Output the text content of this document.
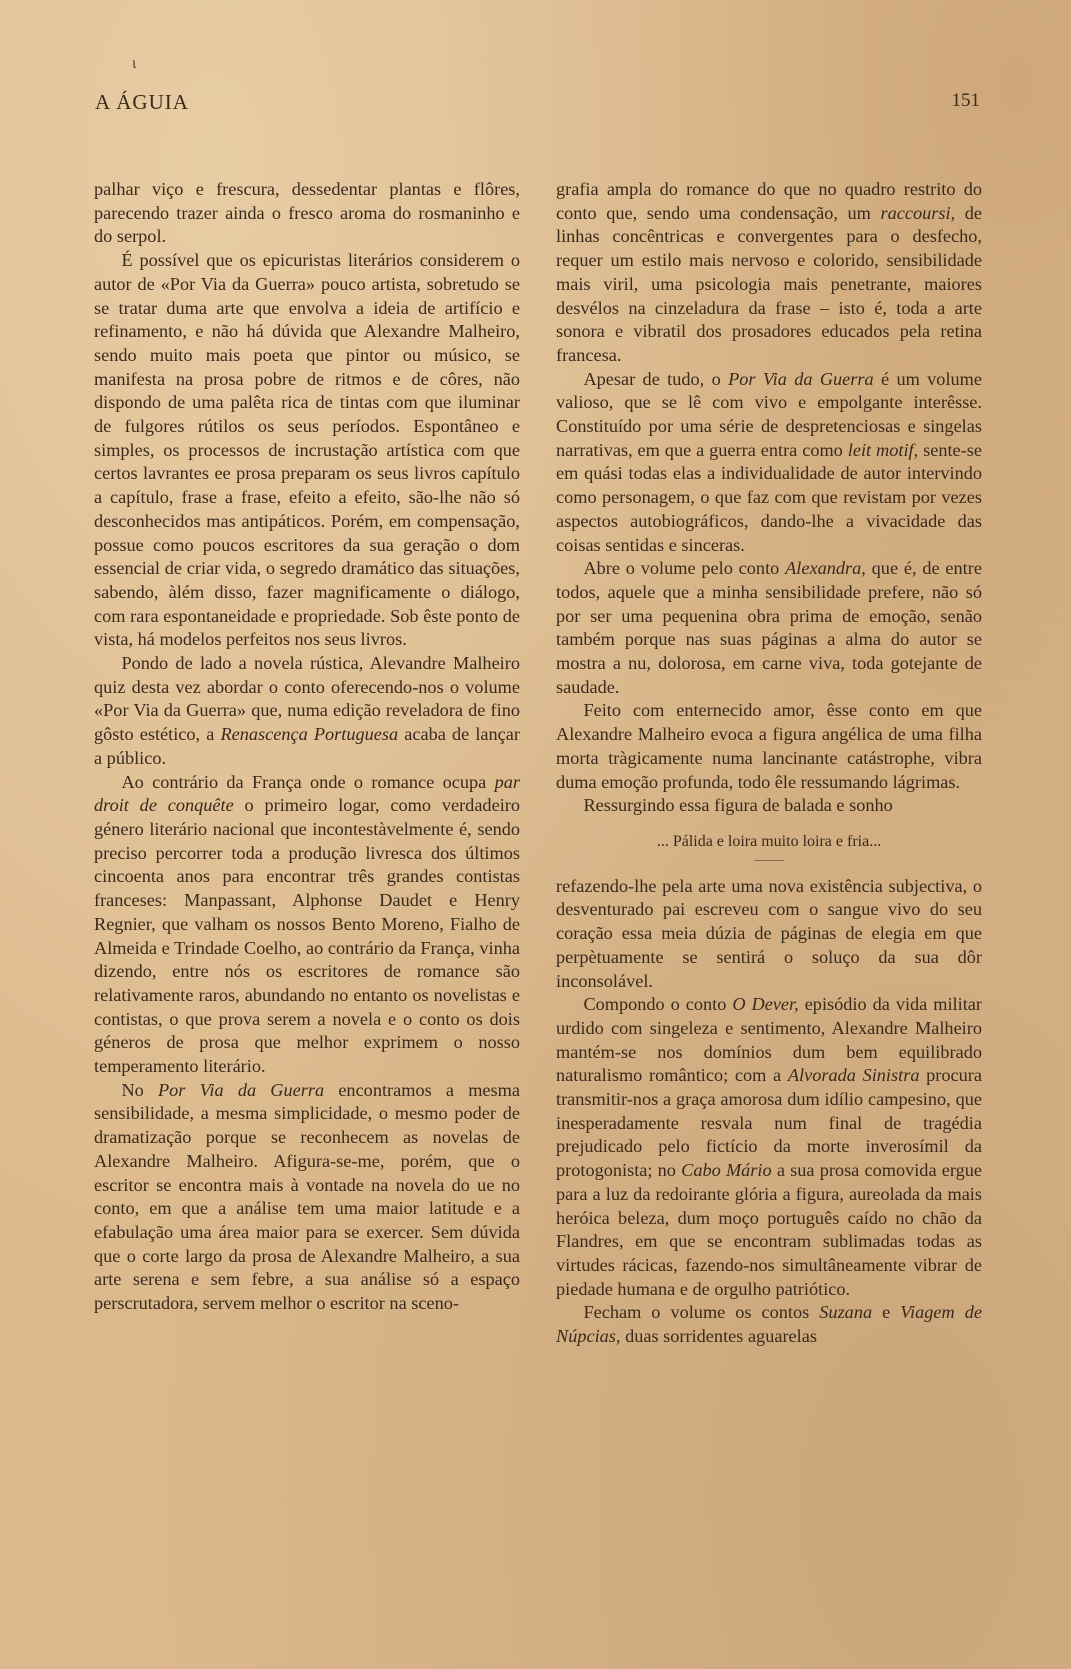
ɩ
A ÁGUIA	151

palhar viço e frescura, dessedentar plantas e flôres, parecendo trazer ainda o fresco aroma do rosmaninho e do serpol.

É possível que os epicuristas literários considerem o autor de «Por Via da Guerra» pouco artista, sobretudo se se tratar duma arte que envolva a ideia de artifício e refinamento, e não há dúvida que Alexandre Malheiro, sendo muito mais poeta que pintor ou músico, se manifesta na prosa pobre de ritmos e de côres, não dispondo de uma palêta rica de tintas com que iluminar de fulgores rútilos os seus períodos. Espontâneo e simples, os processos de incrustação artística com que certos lavrantes ee prosa preparam os seus livros capítulo a capítulo, frase a frase, efeito a efeito, são-lhe não só desconhecidos mas antipáticos. Porém, em compensação, possue como poucos escritores da sua geração o dom essencial de criar vida, o segredo dramático das situações, sabendo, àlém disso, fazer magnificamente o diálogo, com rara espontaneidade e propriedade. Sob êste ponto de vista, há modelos perfeitos nos seus livros.

Pondo de lado a novela rústica, Alevandre Malheiro quiz desta vez abordar o conto oferecendo-nos o volume «Por Via da Guerra» que, numa edição reveladora de fino gôsto estético, a Renascença Portuguesa acaba de lançar a público.

Ao contrário da França onde o romance ocupa par droit de conquête o primeiro logar, como verdadeiro género literário nacional que incontestàvelmente é, sendo preciso percorrer toda a produção livresca dos últimos cincoenta anos para encontrar três grandes contistas franceses: Manpassant, Alphonse Daudet e Henry Regnier, que valham os nossos Bento Moreno, Fialho de Almeida e Trindade Coelho, ao contrário da França, vinha dizendo, entre nós os escritores de romance são relativamente raros, abundando no entanto os novelistas e contistas, o que prova serem a novela e o conto os dois géneros de prosa que melhor exprimem o nosso temperamento literário.

No Por Via da Guerra encontramos a mesma sensibilidade, a mesma simplicidade, o mesmo poder de dramatização porque se reconhecem as novelas de Alexandre Malheiro. Afigura-se-me, porém, que o escritor se encontra mais à vontade na novela do ue no conto, em que a análise tem uma maior latitude e a efabulação uma área maior para se exercer. Sem dúvida que o corte largo da prosa de Alexandre Malheiro, a sua arte serena e sem febre, a sua análise só a espaço perscrutadora, servem melhor o escritor na sceno-

grafia ampla do romance do que no quadro restrito do conto que, sendo uma condensação, um raccoursi, de linhas concêntricas e convergentes para o desfecho, requer um estilo mais nervoso e colorido, sensibilidade mais viril, uma psicologia mais penetrante, maiores desvélos na cinzeladura da frase – isto é, toda a arte sonora e vibratil dos prosadores educados pela retina francesa.

Apesar de tudo, o Por Via da Guerra é um volume valioso, que se lê com vivo e empolgante interêsse. Constituído por uma série de despretenciosas e singelas narrativas, em que a guerra entra como leit motif, sente-se em quási todas elas a individualidade de autor intervindo como personagem, o que faz com que revistam por vezes aspectos autobiográficos, dando-lhe a vivacidade das coisas sentidas e sinceras.

Abre o volume pelo conto Alexandra, que é, de entre todos, aquele que a minha sensibilidade prefere, não só por ser uma pequenina obra prima de emoção, senão também porque nas suas páginas a alma do autor se mostra a nu, dolorosa, em carne viva, toda gotejante de saudade.

Feito com enternecido amor, êsse conto em que Alexandre Malheiro evoca a figura angélica de uma filha morta tràgicamente numa lancinante catástrophe, vibra duma emoção profunda, todo êle ressumando lágrimas.

Ressurgindo essa figura de balada e sonho

... Pálida e loira muito loira e fria...

refazendo-lhe pela arte uma nova existência subjectiva, o desventurado pai escreveu com o sangue vivo do seu coração essa meia dúzia de páginas de elegia em que perpètuamente se sentirá o soluço da sua dôr inconsolável.

Compondo o conto O Dever, episódio da vida militar urdido com singeleza e sentimento, Alexandre Malheiro mantém-se nos domínios dum bem equilibrado naturalismo romântico; com a Alvorada Sinistra procura transmitir-nos a graça amorosa dum idílio campesino, que inesperadamente resvala num final de tragédia prejudicado pelo fictício da morte inverosímil da protogonista; no Cabo Mário a sua prosa comovida ergue para a luz da redoirante glória a figura, aureolada da mais heróica beleza, dum moço português caído no chão da Flandres, em que se encontram sublimadas todas as virtudes rácicas, fazendo-nos simultâneamente vibrar de piedade humana e de orgulho patriótico.

Fecham o volume os contos Suzana e Viagem de Núpcias, duas sorridentes aguarelas
